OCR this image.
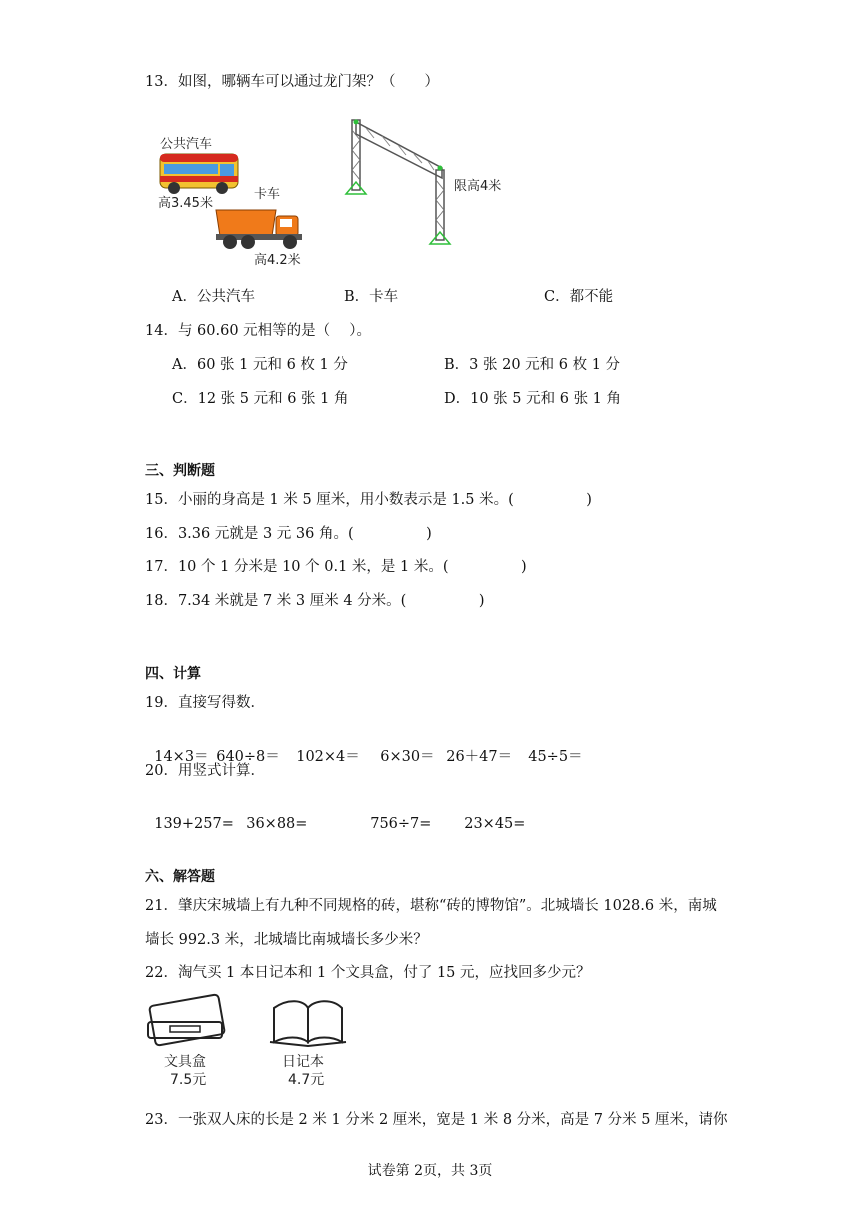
13．如图，哪辆车可以通过龙门架？（　　）
公共汽车
高3.45米
卡车
高4.2米
限高4米
A．公共汽车	B．卡车	C．都不能
14．与 60.60 元相等的是（　 ）。
A．60 张 1 元和 6 枚 1 分	B．3 张 20 元和 6 枚 1 分
C．12 张 5 元和 6 张 1 角	D．10 张 5 元和 6 张 1 角
三、判断题
15．小丽的身高是 1 米 5 厘米，用小数表示是 1.5 米。(　　　　　)
16．3.36 元就是 3 元 36 角。(　　　　　)
17．10 个 1 分米是 10 个 0.1 米，是 1 米。(　　　　　)
18．7.34 米就是 7 米 3 厘米 4 分米。(　　　　　)
四、计算
19．直接写得数．

14×3＝ 640÷8＝ 102×4＝ 6×30＝ 26＋47＝ 45÷5＝

20．用竖式计算．

139+257= 36×88=	756÷7= 23×45=

六、解答题
21．肇庆宋城墙上有九种不同规格的砖，堪称“砖的博物馆”。北城墙长 1028.6 米，南城
墙长 992.3 米，北城墙比南城墙长多少米？
22．淘气买 1 本日记本和 1 个文具盒，付了 15 元，应找回多少元？
文具盒
7.5元
日记本
4.7元
23．一张双人床的长是 2 米 1 分米 2 厘米，宽是 1 米 8 分米，高是 7 分米 5 厘米，请你
试卷第 2页，共 3页
